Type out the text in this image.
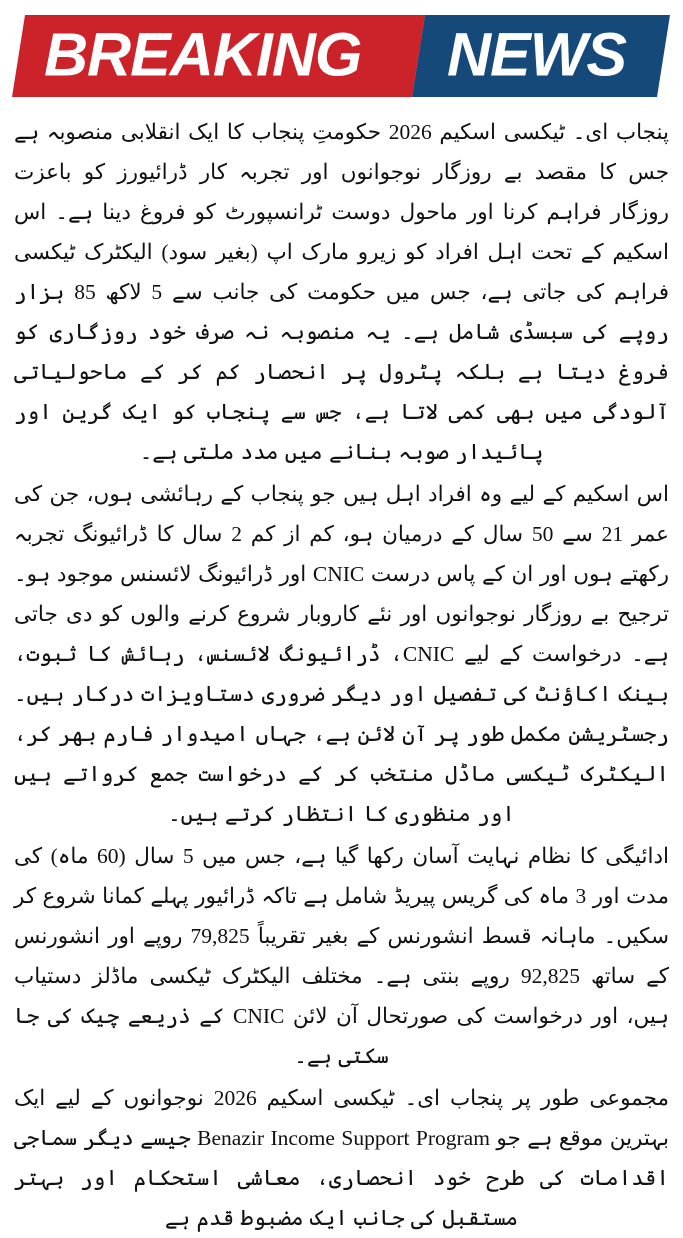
BREAKING NEWS

پنجاب ای۔ ٹیکسی اسکیم 2026 حکومتِ پنجاب کا ایک انقلابی منصوبہ ہے جس کا مقصد بے روزگار نوجوانوں اور تجربہ کار ڈرائیورز کو باعزت روزگار فراہم کرنا اور ماحول دوست ٹرانسپورٹ کو فروغ دینا ہے۔ اس اسکیم کے تحت اہل افراد کو زیرو مارک اپ (بغیر سود) الیکٹرک ٹیکسی فراہم کی جاتی ہے، جس میں حکومت کی جانب سے 5 لاکھ 85 ہزار روپے کی سبسڈی شامل ہے۔ یہ منصوبہ نہ صرف خود روزگاری کو فروغ دیتا ہے بلکہ پٹرول پر انحصار کم کر کے ماحولیاتی آلودگی میں بھی کمی لاتا ہے، جس سے پنجاب کو ایک گرین اور پائیدار صوبہ بنانے میں مدد ملتی ہے۔

اس اسکیم کے لیے وہ افراد اہل ہیں جو پنجاب کے رہائشی ہوں، جن کی عمر 21 سے 50 سال کے درمیان ہو، کم از کم 2 سال کا ڈرائیونگ تجربہ رکھتے ہوں اور ان کے پاس درست CNIC اور ڈرائیونگ لائسنس موجود ہو۔ ترجیح بے روزگار نوجوانوں اور نئے کاروبار شروع کرنے والوں کو دی جاتی ہے۔ درخواست کے لیے CNIC، ڈرائیونگ لائسنس، رہائش کا ثبوت، بینک اکاؤنٹ کی تفصیل اور دیگر ضروری دستاویزات درکار ہیں۔ رجسٹریشن مکمل طور پر آن لائن ہے، جہاں امیدوار فارم بھر کر، الیکٹرک ٹیکسی ماڈل منتخب کر کے درخواست جمع کرواتے ہیں اور منظوری کا انتظار کرتے ہیں۔

ادائیگی کا نظام نہایت آسان رکھا گیا ہے، جس میں 5 سال (60 ماہ) کی مدت اور 3 ماہ کی گریس پیریڈ شامل ہے تاکہ ڈرائیور پہلے کمانا شروع کر سکیں۔ ماہانہ قسط انشورنس کے بغیر تقریباً 79,825 روپے اور انشورنس کے ساتھ 92,825 روپے بنتی ہے۔ مختلف الیکٹرک ٹیکسی ماڈلز دستیاب ہیں، اور درخواست کی صورتحال آن لائن CNIC کے ذریعے چیک کی جا سکتی ہے۔

مجموعی طور پر پنجاب ای۔ ٹیکسی اسکیم 2026 نوجوانوں کے لیے ایک بہترین موقع ہے جو Benazir Income Support Program جیسے دیگر سماجی اقدامات کی طرح خود انحصاری، معاشی استحکام اور بہتر مستقبل کی جانب ایک مضبوط قدم ہے
